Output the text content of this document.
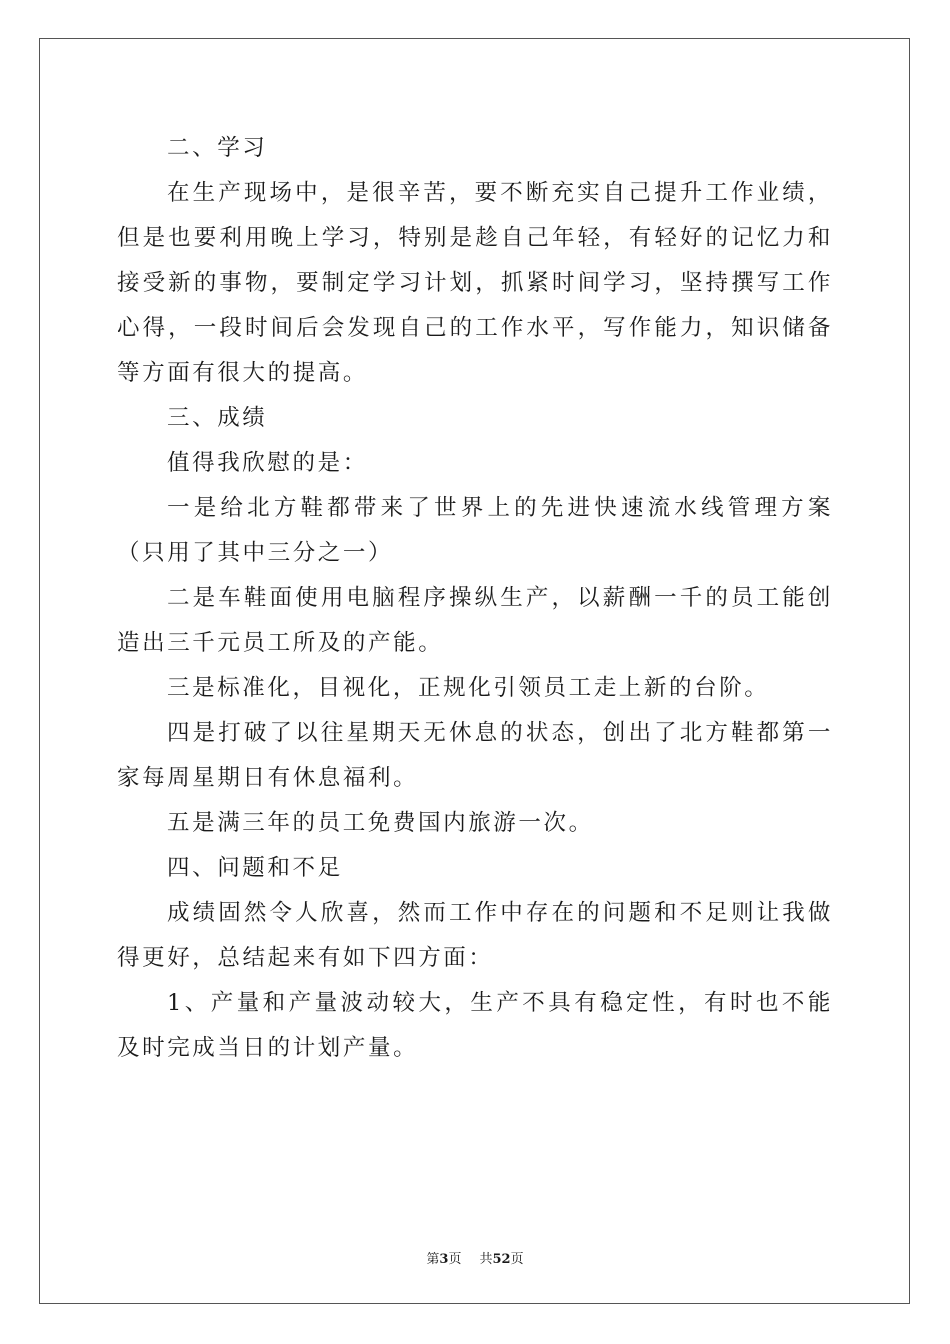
二、学习

在生产现场中，是很辛苦，要不断充实自己提升工作业绩，但是也要利用晚上学习，特别是趁自己年轻，有轻好的记忆力和接受新的事物，要制定学习计划，抓紧时间学习，坚持撰写工作心得，一段时间后会发现自己的工作水平，写作能力，知识储备等方面有很大的提高。

三、成绩

值得我欣慰的是：

一是给北方鞋都带来了世界上的先进快速流水线管理方案（只用了其中三分之一）

二是车鞋面使用电脑程序操纵生产，以薪酬一千的员工能创造出三千元员工所及的产能。

三是标准化，目视化，正规化引领员工走上新的台阶。

四是打破了以往星期天无休息的状态，创出了北方鞋都第一家每周星期日有休息福利。

五是满三年的员工免费国内旅游一次。

四、问题和不足

成绩固然令人欣喜，然而工作中存在的问题和不足则让我做得更好，总结起来有如下四方面：

1、产量和产量波动较大，生产不具有稳定性，有时也不能及时完成当日的计划产量。

第3页 共52页
